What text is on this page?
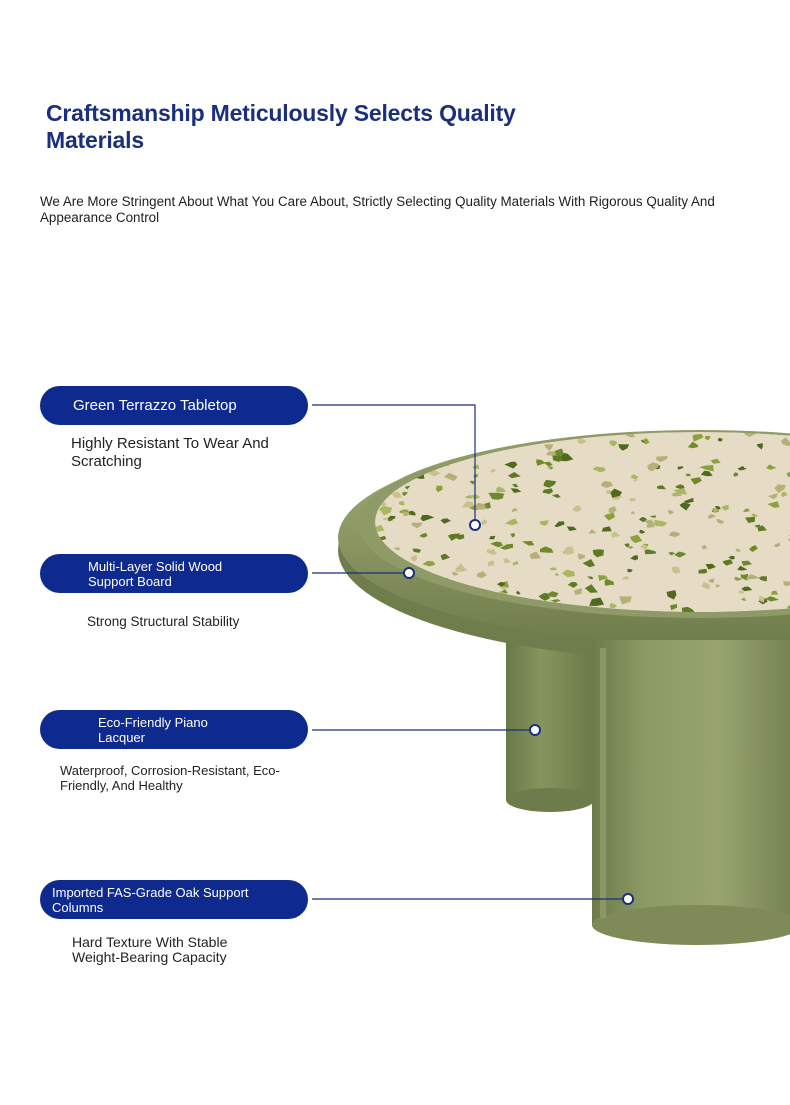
Craftsmanship Meticulously Selects Quality Materials
We Are More Stringent About What You Care About, Strictly Selecting Quality Materials With Rigorous Quality And Appearance Control
Green Terrazzo Tabletop
Highly Resistant To Wear And Scratching
Multi-Layer Solid Wood Support Board
Strong Structural Stability
Eco-Friendly Piano Lacquer
Waterproof, Corrosion-Resistant, Eco-Friendly, And Healthy
Imported FAS-Grade Oak Support Columns
Hard Texture With Stable Weight-Bearing Capacity
